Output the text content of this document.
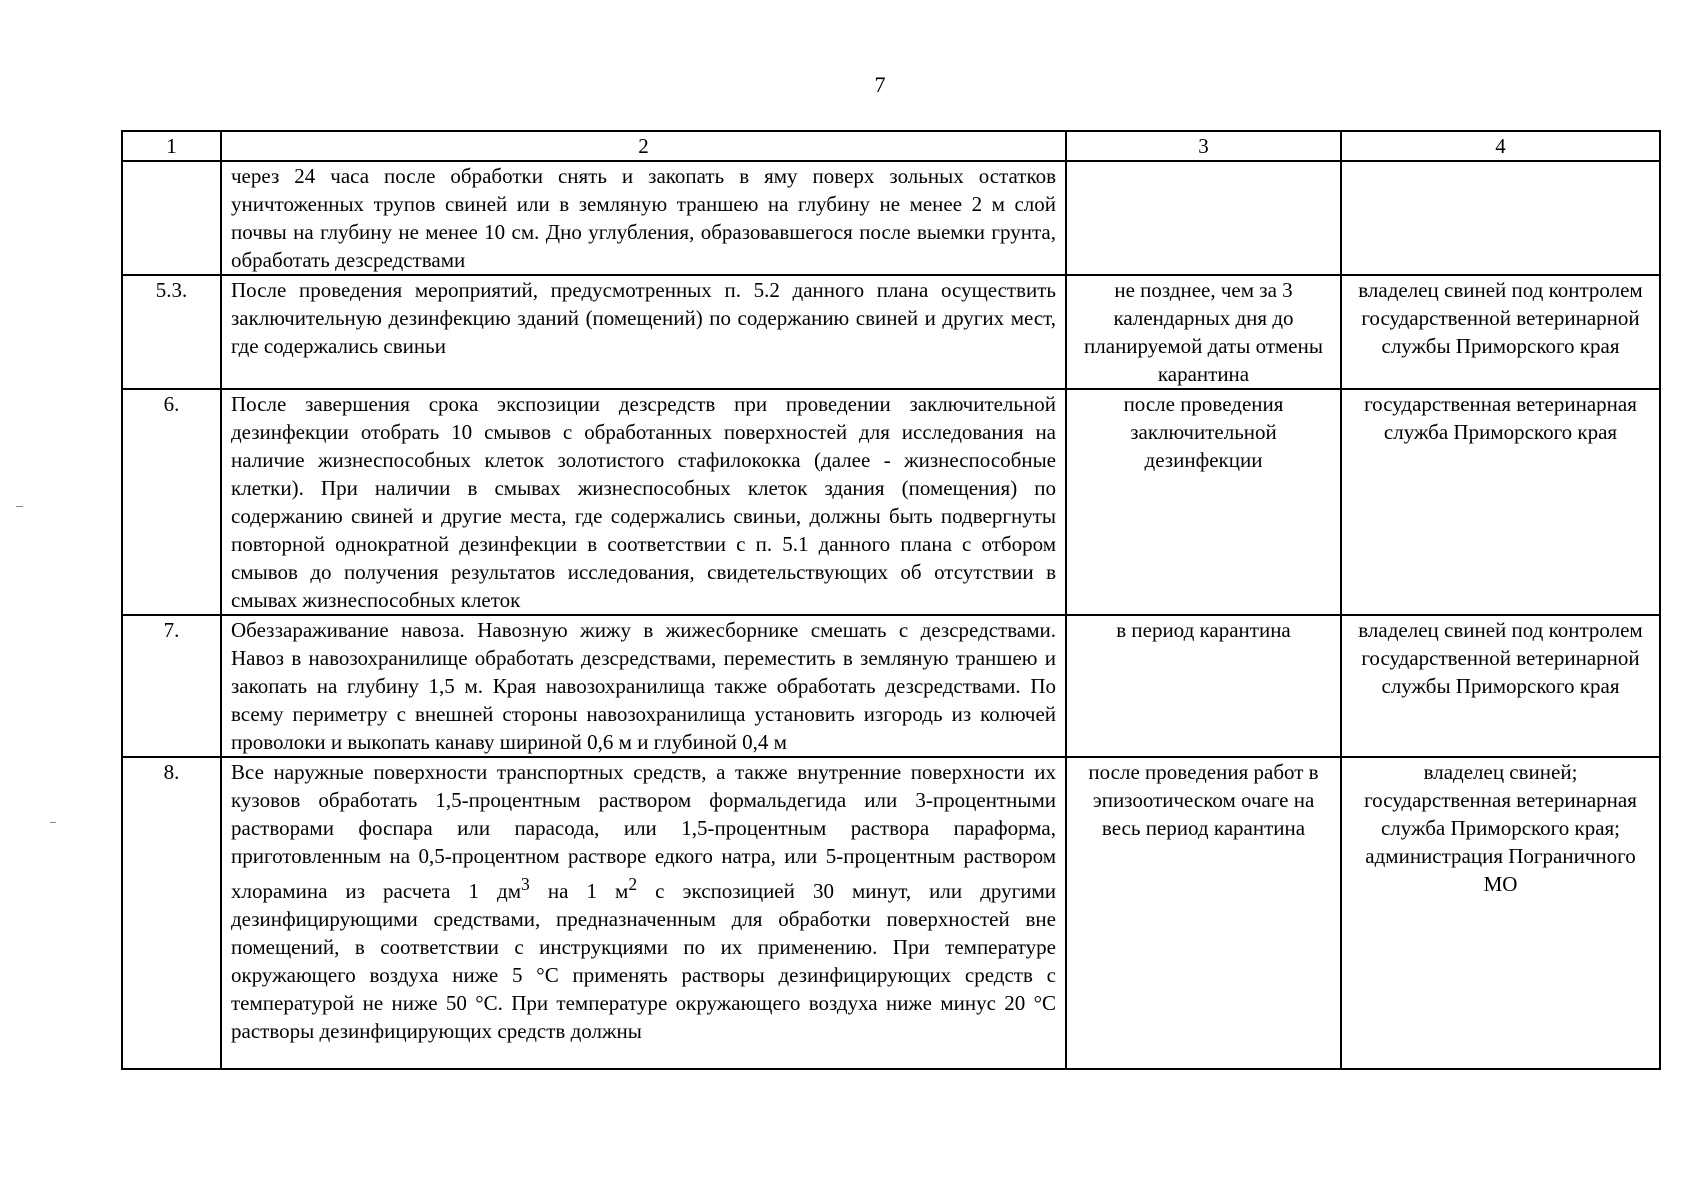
7
1	2	3	4
	через 24 часа после обработки снять и закопать в яму поверх зольных остатков уничтоженных трупов свиней или в земляную траншею на глубину не менее 2 м слой почвы на глубину не менее 10 см. Дно углубления, образовавшегося после выемки грунта, обработать дезсредствами		
5.3.	После проведения мероприятий, предусмотренных п. 5.2 данного плана осуществить заключительную дезинфекцию зданий (помещений) по содержанию свиней и других мест, где содержались свиньи	не позднее, чем за 3 календарных дня до планируемой даты отмены карантина	владелец свиней под контролем государственной ветеринарной службы Приморского края
6.	После завершения срока экспозиции дезсредств при проведении заключительной дезинфекции отобрать 10 смывов с обработанных поверхностей для исследования на наличие жизнеспособных клеток золотистого стафилококка (далее - жизнеспособные клетки). При наличии в смывах жизнеспособных клеток здания (помещения) по содержанию свиней и другие места, где содержались свиньи, должны быть подвергнуты повторной однократной дезинфекции в соответствии с п. 5.1 данного плана с отбором смывов до получения результатов исследования, свидетельствующих об отсутствии в смывах жизнеспособных клеток	после проведения заключительной дезинфекции	государственная ветеринарная служба Приморского края
7.	Обеззараживание навоза. Навозную жижу в жижесборнике смешать с дезсредствами. Навоз в навозохранилище обработать дезсредствами, переместить в земляную траншею и закопать на глубину 1,5 м. Края навозохранилища также обработать дезсредствами. По всему периметру с внешней стороны навозохранилища установить изгородь из колючей проволоки и выкопать канаву шириной 0,6 м и глубиной 0,4 м	в период карантина	владелец свиней под контролем государственной ветеринарной службы Приморского края
8.	Все наружные поверхности транспортных средств, а также внутренние поверхности их кузовов обработать 1,5-процентным раствором формальдегида или 3-процентными растворами фоспара или парасода, или 1,5-процентным раствора параформа, приготовленным на 0,5-процентном растворе едкого натра, или 5-процентным раствором хлорамина из расчета 1 $дм^3$ на 1 $м^2$ с экспозицией 30 минут, или другими дезинфицирующими средствами, предназначенным для обработки поверхностей вне помещений, в соответствии с инструкциями по их применению. При температуре окружающего воздуха ниже 5 °С применять растворы дезинфицирующих средств с температурой не ниже 50 °С. При температуре окружающего воздуха ниже минус 20 °С растворы дезинфицирующих средств должны	после проведения работ в эпизоотическом очаге на весь период карантина	владелец свиней; государственная ветеринарная служба Приморского края; администрация Пограничного МО
